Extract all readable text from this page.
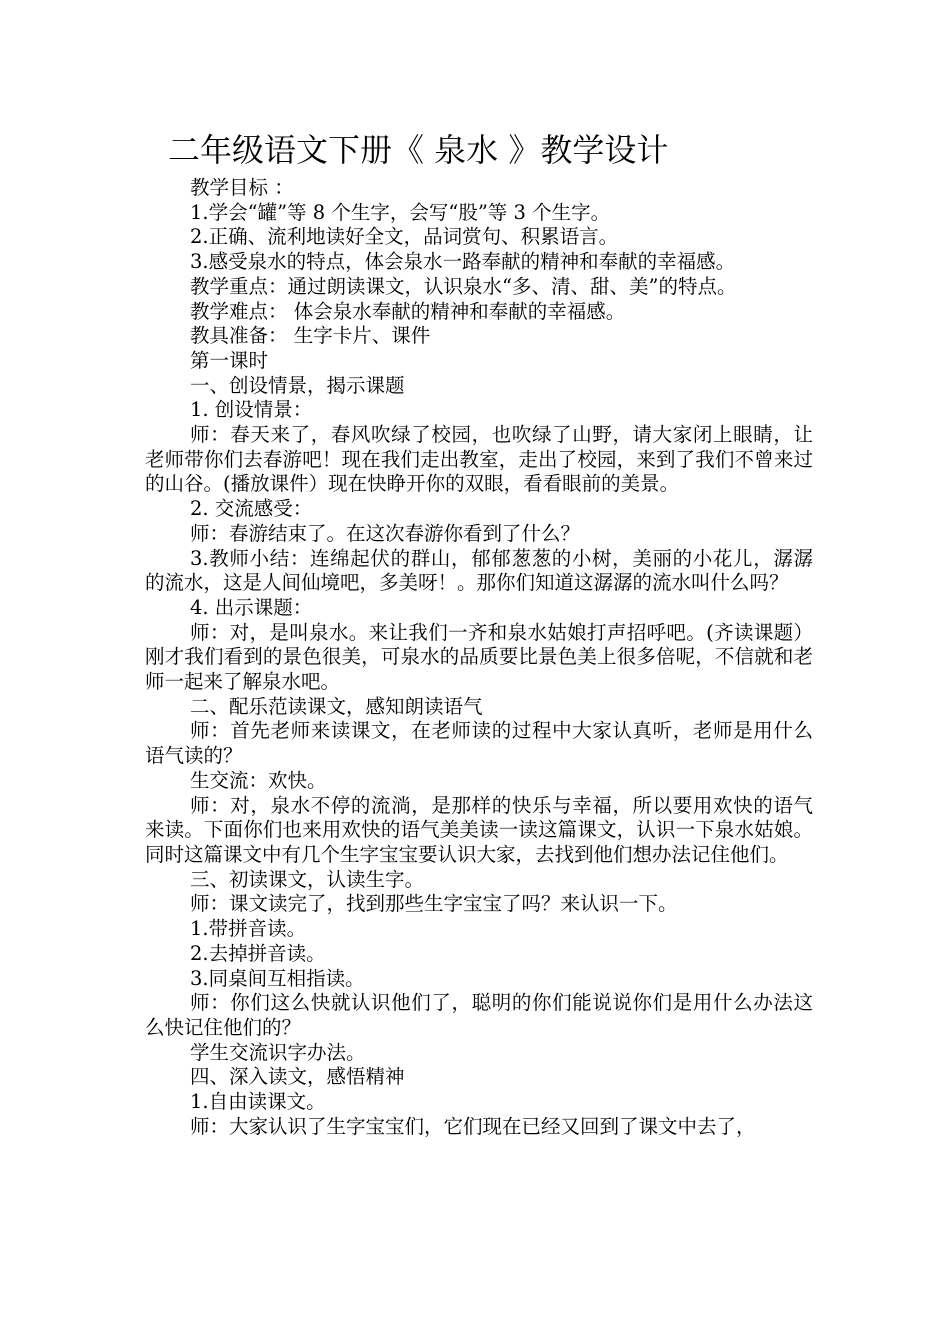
二年级语文下册《 泉水 》教学设计

教学目标 ：

1.学会“罐”等 8 个生字，会写“股”等 3 个生字。

2.正确、流利地读好全文，品词赏句、积累语言。

3.感受泉水的特点，体会泉水一路奉献的精神和奉献的幸福感。

教学重点：通过朗读课文，认识泉水“多、清、甜、美”的特点。

教学难点： 体会泉水奉献的精神和奉献的幸福感。

教具准备： 生字卡片、课件

第一课时

一、创设情景，揭示课题

1. 创设情景：

师：春天来了，春风吹绿了校园，也吹绿了山野，请大家闭上眼睛，让老师带你们去春游吧！现在我们走出教室，走出了校园，来到了我们不曾来过的山谷。(播放课件）现在快睁开你的双眼，看看眼前的美景。

2. 交流感受：

师：春游结束了。在这次春游你看到了什么？

3.教师小结：连绵起伏的群山，郁郁葱葱的小树，美丽的小花儿，潺潺的流水，这是人间仙境吧，多美呀！。那你们知道这潺潺的流水叫什么吗？

4. 出示课题：

师：对，是叫泉水。来让我们一齐和泉水姑娘打声招呼吧。(齐读课题）刚才我们看到的景色很美，可泉水的品质要比景色美上很多倍呢，不信就和老师一起来了解泉水吧。

二、配乐范读课文，感知朗读语气

师：首先老师来读课文，在老师读的过程中大家认真听，老师是用什么语气读的？

生交流：欢快。

师：对，泉水不停的流淌，是那样的快乐与幸福，所以要用欢快的语气来读。下面你们也来用欢快的语气美美读一读这篇课文，认识一下泉水姑娘。同时这篇课文中有几个生字宝宝要认识大家，去找到他们想办法记住他们。

三、初读课文，认读生字。

师：课文读完了，找到那些生字宝宝了吗？来认识一下。

1.带拼音读。

2.去掉拼音读。

3.同桌间互相指读。

师：你们这么快就认识他们了，聪明的你们能说说你们是用什么办法这么快记住他们的？

学生交流识字办法。

四、深入读文，感悟精神

1.自由读课文。

师：大家认识了生字宝宝们，它们现在已经又回到了课文中去了，
